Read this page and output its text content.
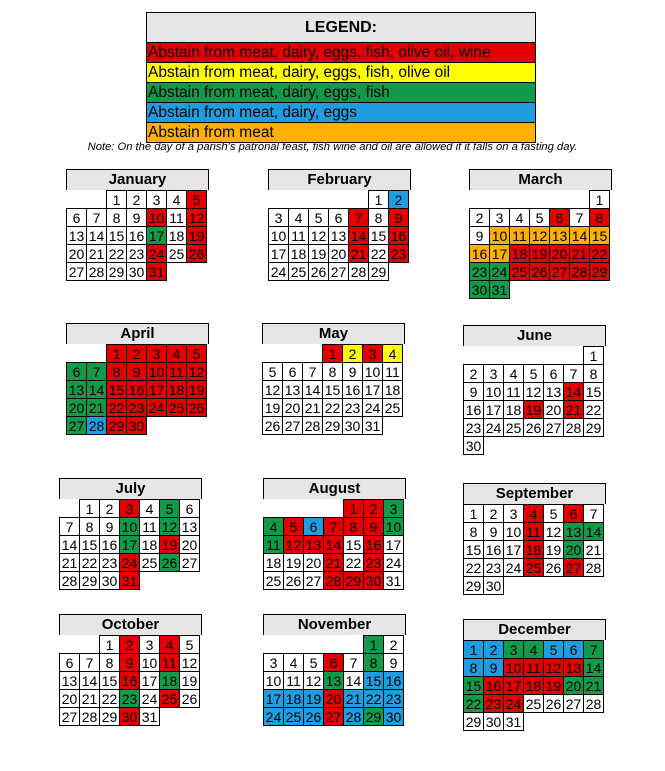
LEGEND:
Abstain from meat, dairy, eggs, fish, olive oil, wine
Abstain from meat, dairy, eggs, fish, olive oil
Abstain from meat, dairy, eggs, fish
Abstain from meat, dairy, eggs
Abstain from meat
Note: On the day of a parish’s patronal feast, fish wine and oil are allowed if it falls on a fasting day.
January
1 2 3 4 5
6 7 8 9 10 11 12
13 14 15 16 17 18 19
20 21 22 23 24 25 26
27 28 29 30 31
February
1 2
3 4 5 6 7 8 9
10 11 12 13 14 15 16
17 18 19 20 21 22 23
24 25 26 27 28 29
March
1
2 3 4 5 6 7 8
9 10 11 12 13 14 15
16 17 18 19 20 21 22
23 24 25 26 27 28 29
30 31
April
1 2 3 4 5
6 7 8 9 10 11 12
13 14 15 16 17 18 19
20 21 22 23 24 25 26
27 28 29 30
May
1 2 3 4
5 6 7 8 9 10 11
12 13 14 15 16 17 18
19 20 21 22 23 24 25
26 27 28 29 30 31
June
1
2 3 4 5 6 7 8
9 10 11 12 13 14 15
16 17 18 19 20 21 22
23 24 25 26 27 28 29
30
July
1 2 3 4 5 6
7 8 9 10 11 12 13
14 15 16 17 18 19 20
21 22 23 24 25 26 27
28 29 30 31
August
1 2 3
4 5 6 7 8 9 10
11 12 13 14 15 16 17
18 19 20 21 22 23 24
25 26 27 28 29 30 31
September
1 2 3 4 5 6 7
8 9 10 11 12 13 14
15 16 17 18 19 20 21
22 23 24 25 26 27 28
29 30
October
1 2 3 4 5
6 7 8 9 10 11 12
13 14 15 16 17 18 19
20 21 22 23 24 25 26
27 28 29 30 31
November
1 2
3 4 5 6 7 8 9
10 11 12 13 14 15 16
17 18 19 20 21 22 23
24 25 26 27 28 29 30
December
1 2 3 4 5 6 7
8 9 10 11 12 13 14
15 16 17 18 19 20 21
22 23 24 25 26 27 28
29 30 31
